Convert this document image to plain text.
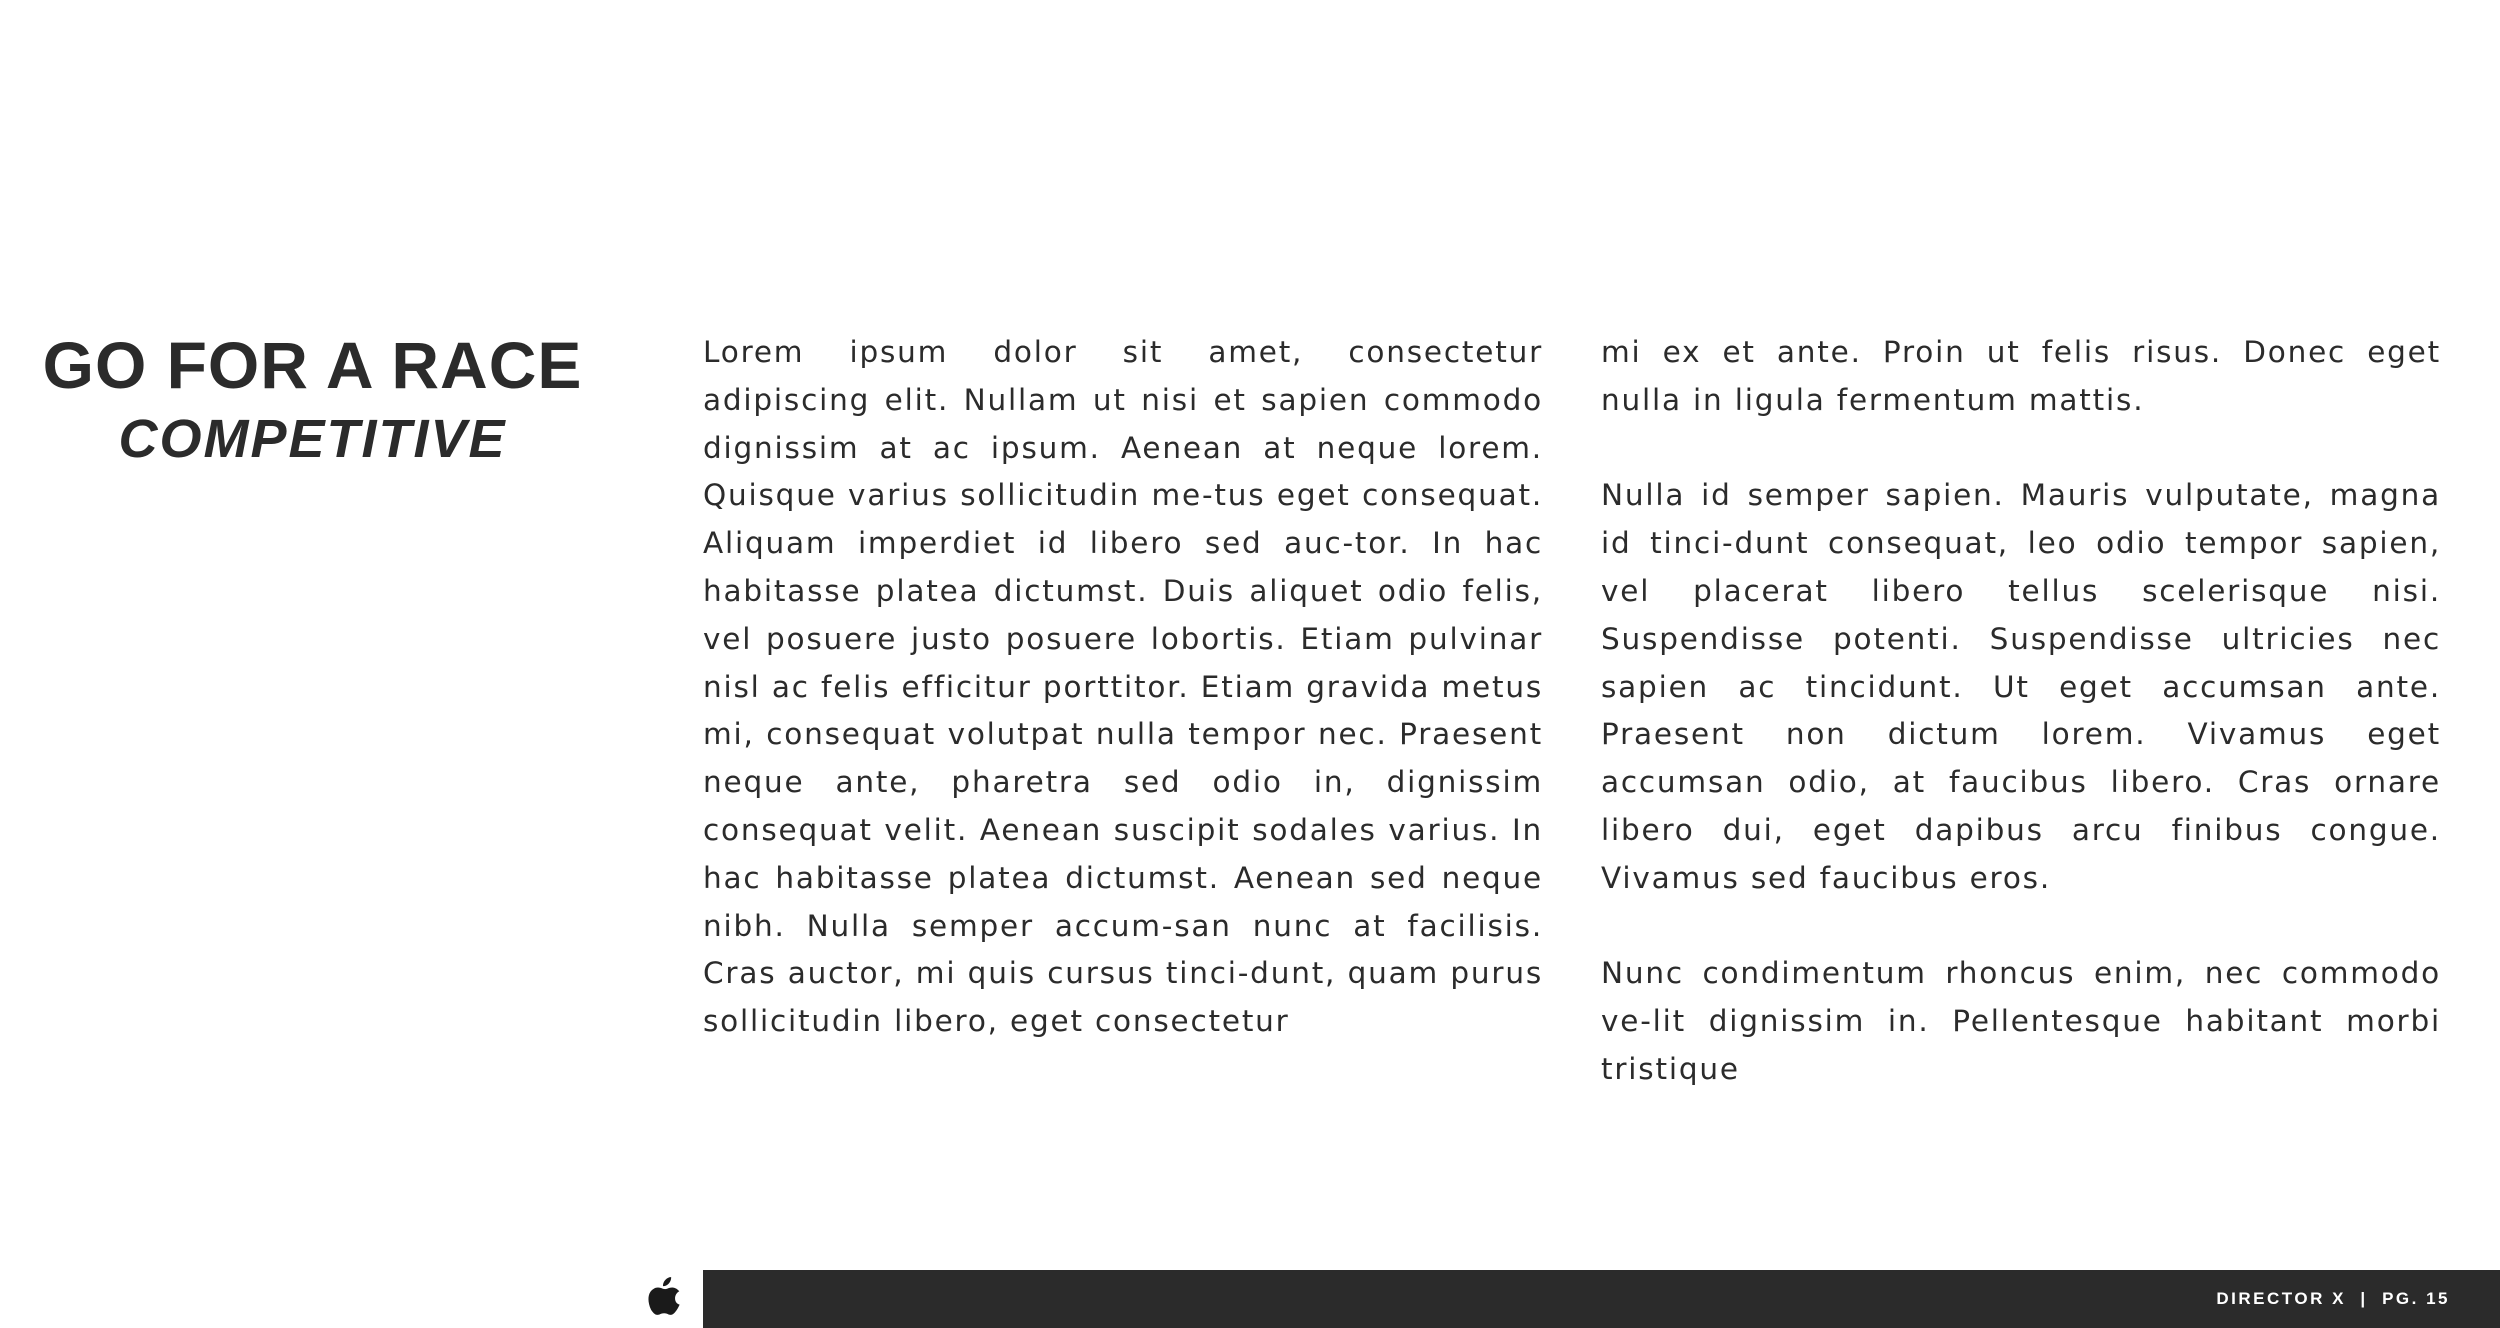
GO FOR A RACE
COMPETITIVE

Lorem ipsum dolor sit amet, consectetur adipiscing elit. Nullam ut nisi et sapien commodo dignissim at ac ipsum. Aenean at neque lorem. Quisque varius sollicitudin me-tus eget consequat. Aliquam imperdiet id libero sed auc-tor. In hac habitasse platea dictumst. Duis aliquet odio felis, vel posuere justo posuere lobortis. Etiam pulvinar nisl ac felis efficitur porttitor. Etiam gravida metus mi, consequat volutpat nulla tempor nec. Praesent neque ante, pharetra sed odio in, dignissim consequat velit. Aenean suscipit sodales varius. In hac habitasse platea dictumst. Aenean sed neque nibh. Nulla semper accum-san nunc at facilisis. Cras auctor, mi quis cursus tinci-dunt, quam purus sollicitudin libero, eget consectetur

mi ex et ante. Proin ut felis risus. Donec eget nulla in ligula fermentum mattis.

Nulla id semper sapien. Mauris vulputate, magna id tinci-dunt consequat, leo odio tempor sapien, vel placerat libero tellus scelerisque nisi. Suspendisse potenti. Suspendisse ultricies nec sapien ac tincidunt. Ut eget accumsan ante. Praesent non dictum lorem. Vivamus eget accumsan odio, at faucibus libero. Cras ornare libero dui, eget dapibus arcu finibus congue. Vivamus sed faucibus eros.

Nunc condimentum rhoncus enim, nec commodo ve-lit dignissim in. Pellentesque habitant morbi tristique

DIRECTOR X  |  PG. 15
